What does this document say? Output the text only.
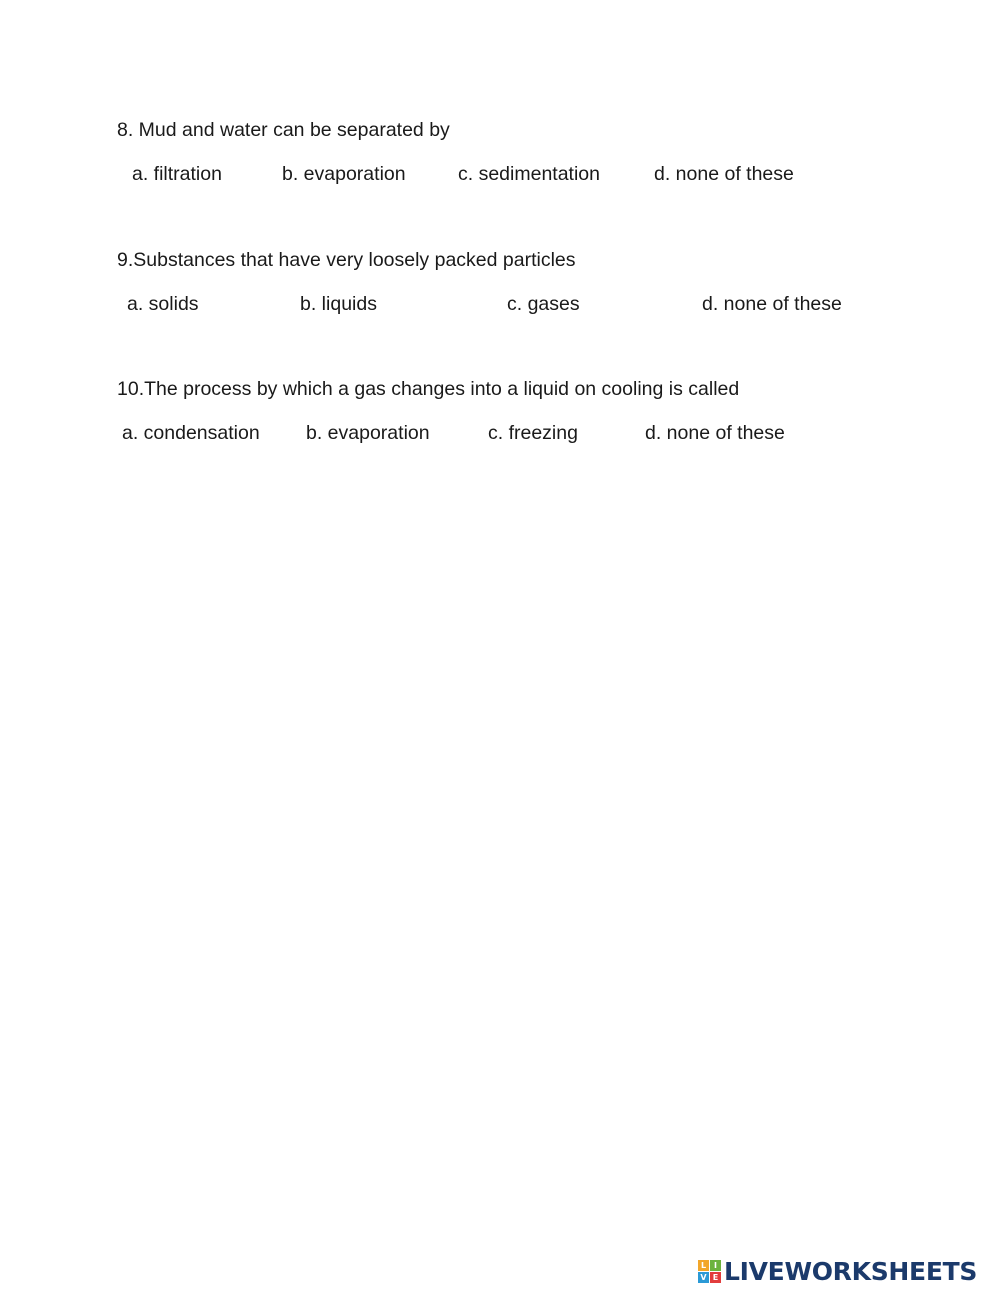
8. Mud and water can be separated by
a. filtration	b. evaporation	c. sedimentation	d. none of these
9.Substances that have very loosely packed particles
a. solids	b. liquids	c. gases	d. none of these
10.The process by which a gas changes into a liquid on cooling is called
a. condensation b. evaporation	c. freezing	d. none of these
L I
V E LIVEWORKSHEETS
